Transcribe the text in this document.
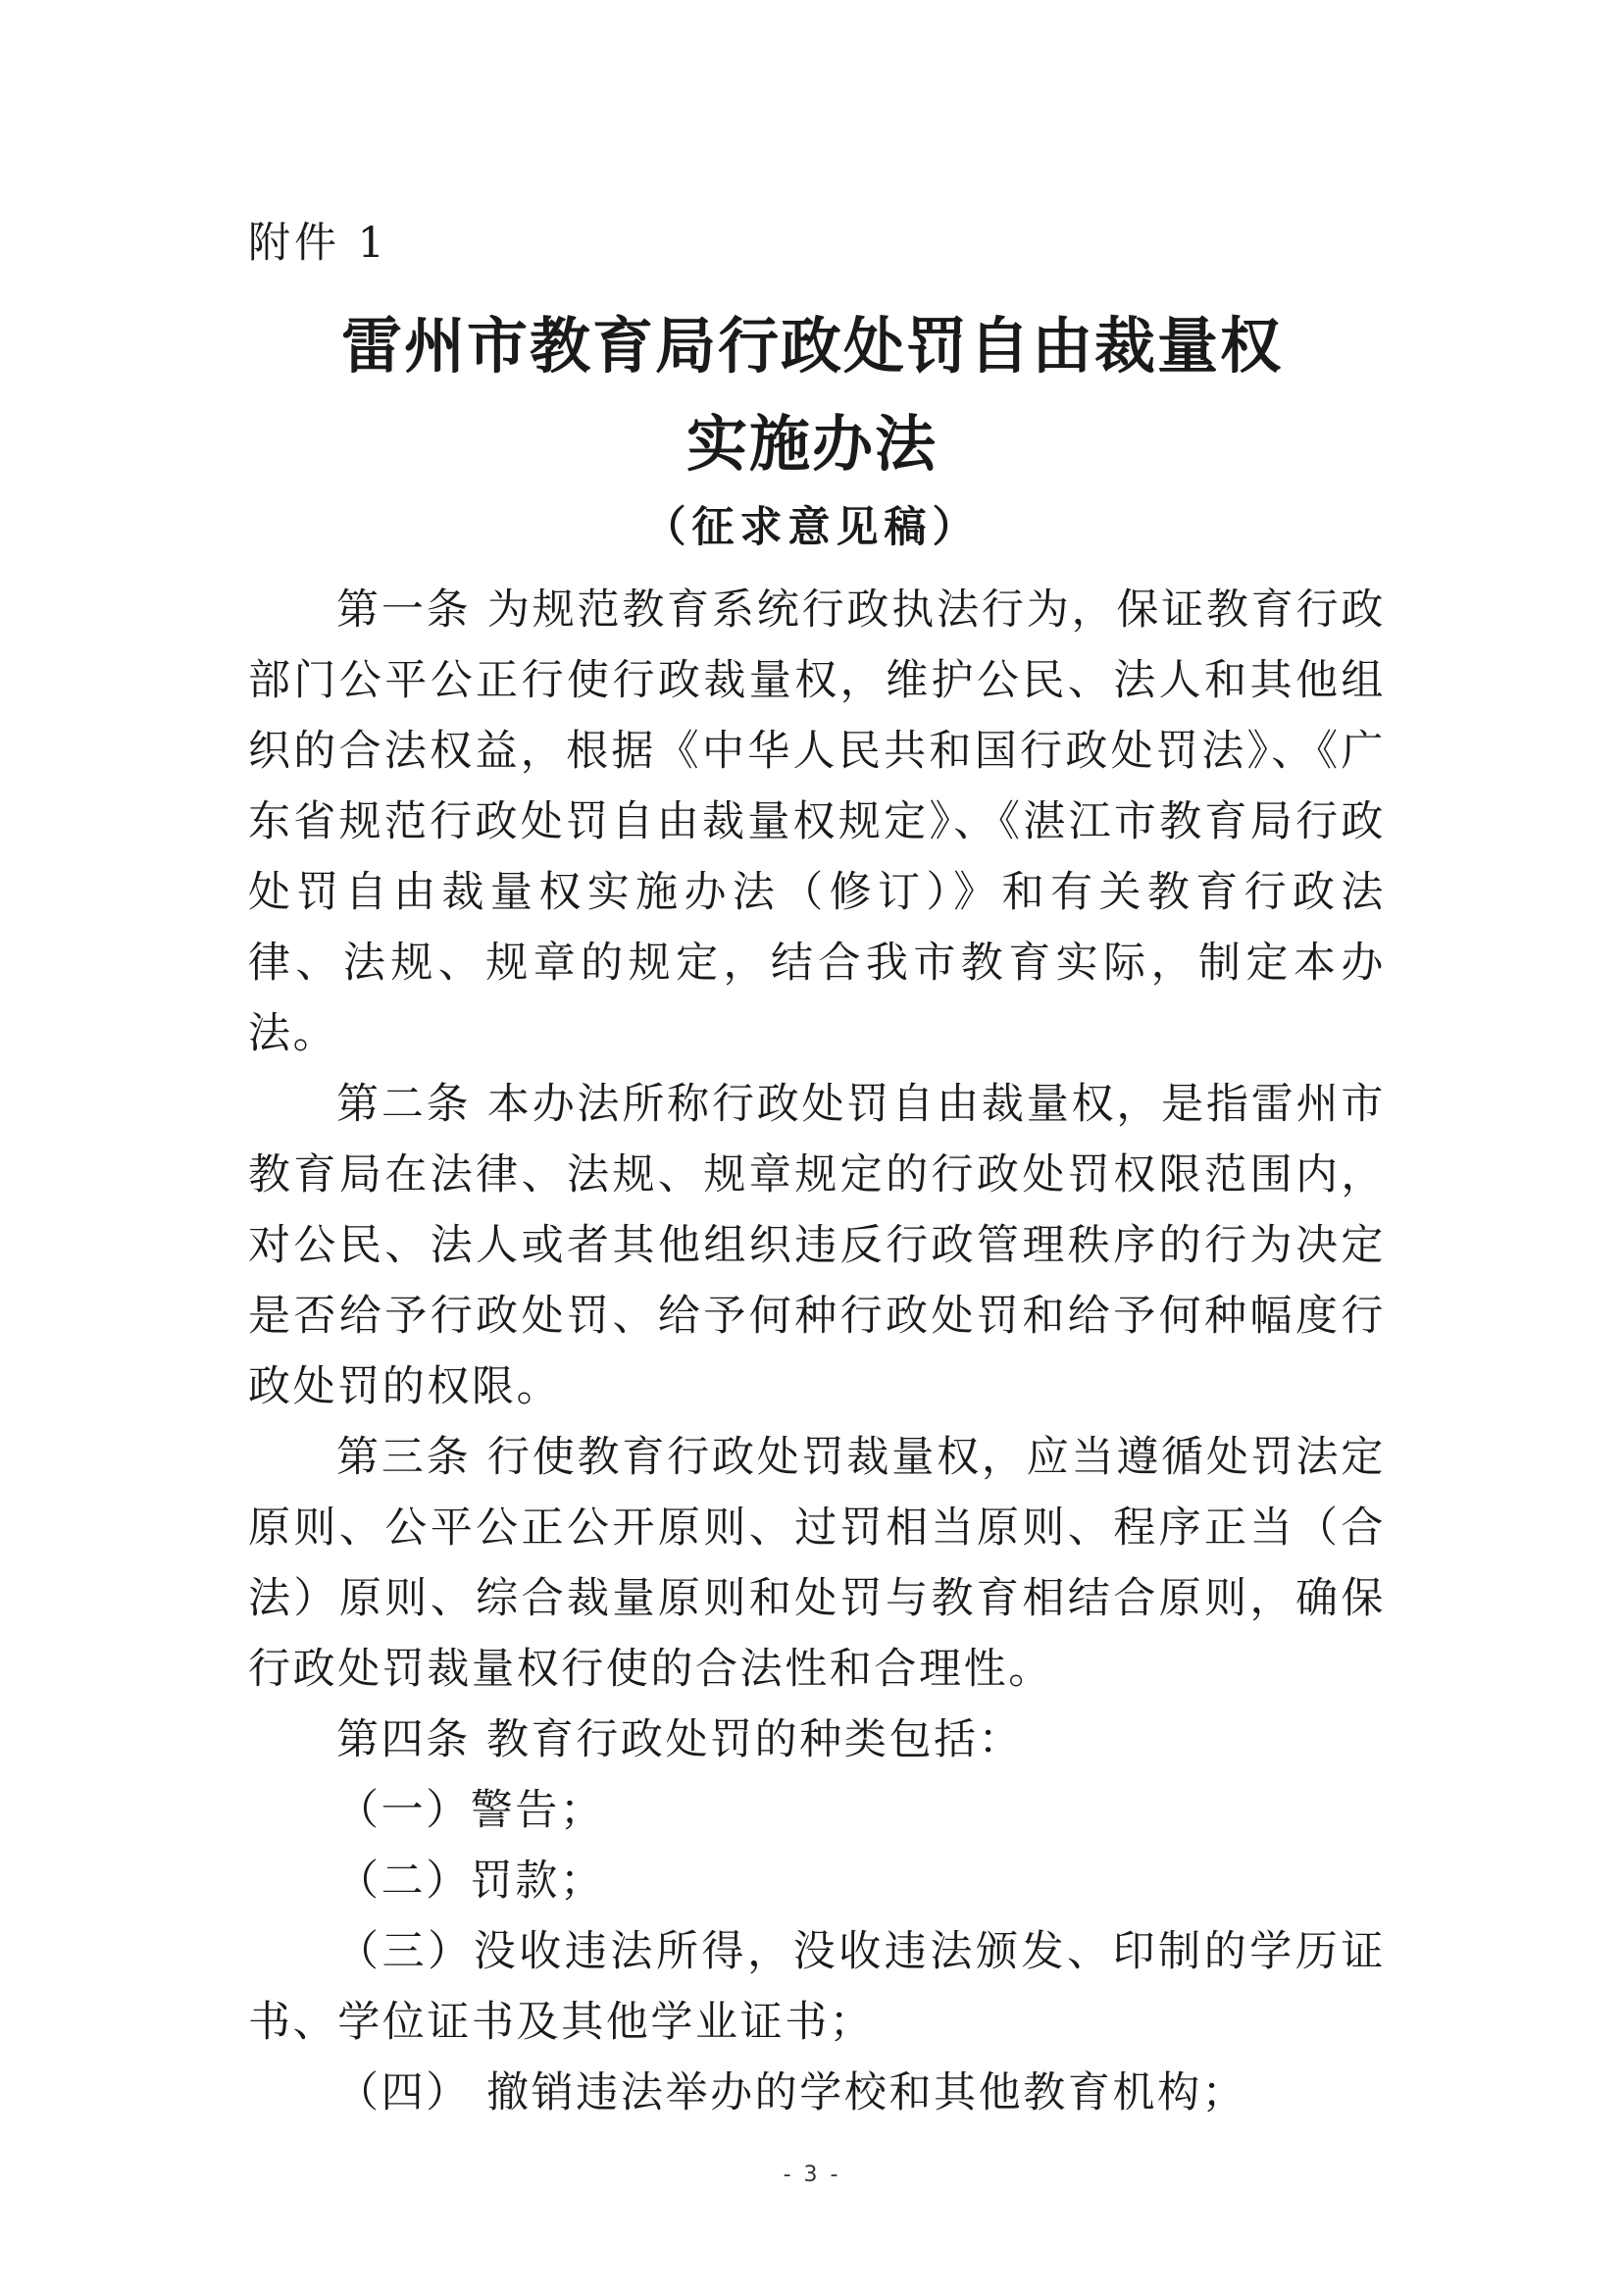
附件 1
雷州市教育局行政处罚自由裁量权
实施办法
（征求意见稿）

第一条 为规范教育系统行政执法行为，保证教育行政部门公平公正行使行政裁量权，维护公民、法人和其他组织的合法权益，根据《中华人民共和国行政处罚法》、《广东省规范行政处罚自由裁量权规定》、《湛江市教育局行政处罚自由裁量权实施办法（修订）》和有关教育行政法律、法规、规章的规定，结合我市教育实际，制定本办法。

第二条 本办法所称行政处罚自由裁量权，是指雷州市教育局在法律、法规、规章规定的行政处罚权限范围内，对公民、法人或者其他组织违反行政管理秩序的行为决定是否给予行政处罚、给予何种行政处罚和给予何种幅度行政处罚的权限。

第三条 行使教育行政处罚裁量权，应当遵循处罚法定原则、公平公正公开原则、过罚相当原则、程序正当（合法）原则、综合裁量原则和处罚与教育相结合原则，确保行政处罚裁量权行使的合法性和合理性。

第四条 教育行政处罚的种类包括：

（一）警告；

（二）罚款；

（三）没收违法所得，没收违法颁发、印制的学历证书、学位证书及其他学业证书；

（四） 撤销违法举办的学校和其他教育机构；

- 3 -
